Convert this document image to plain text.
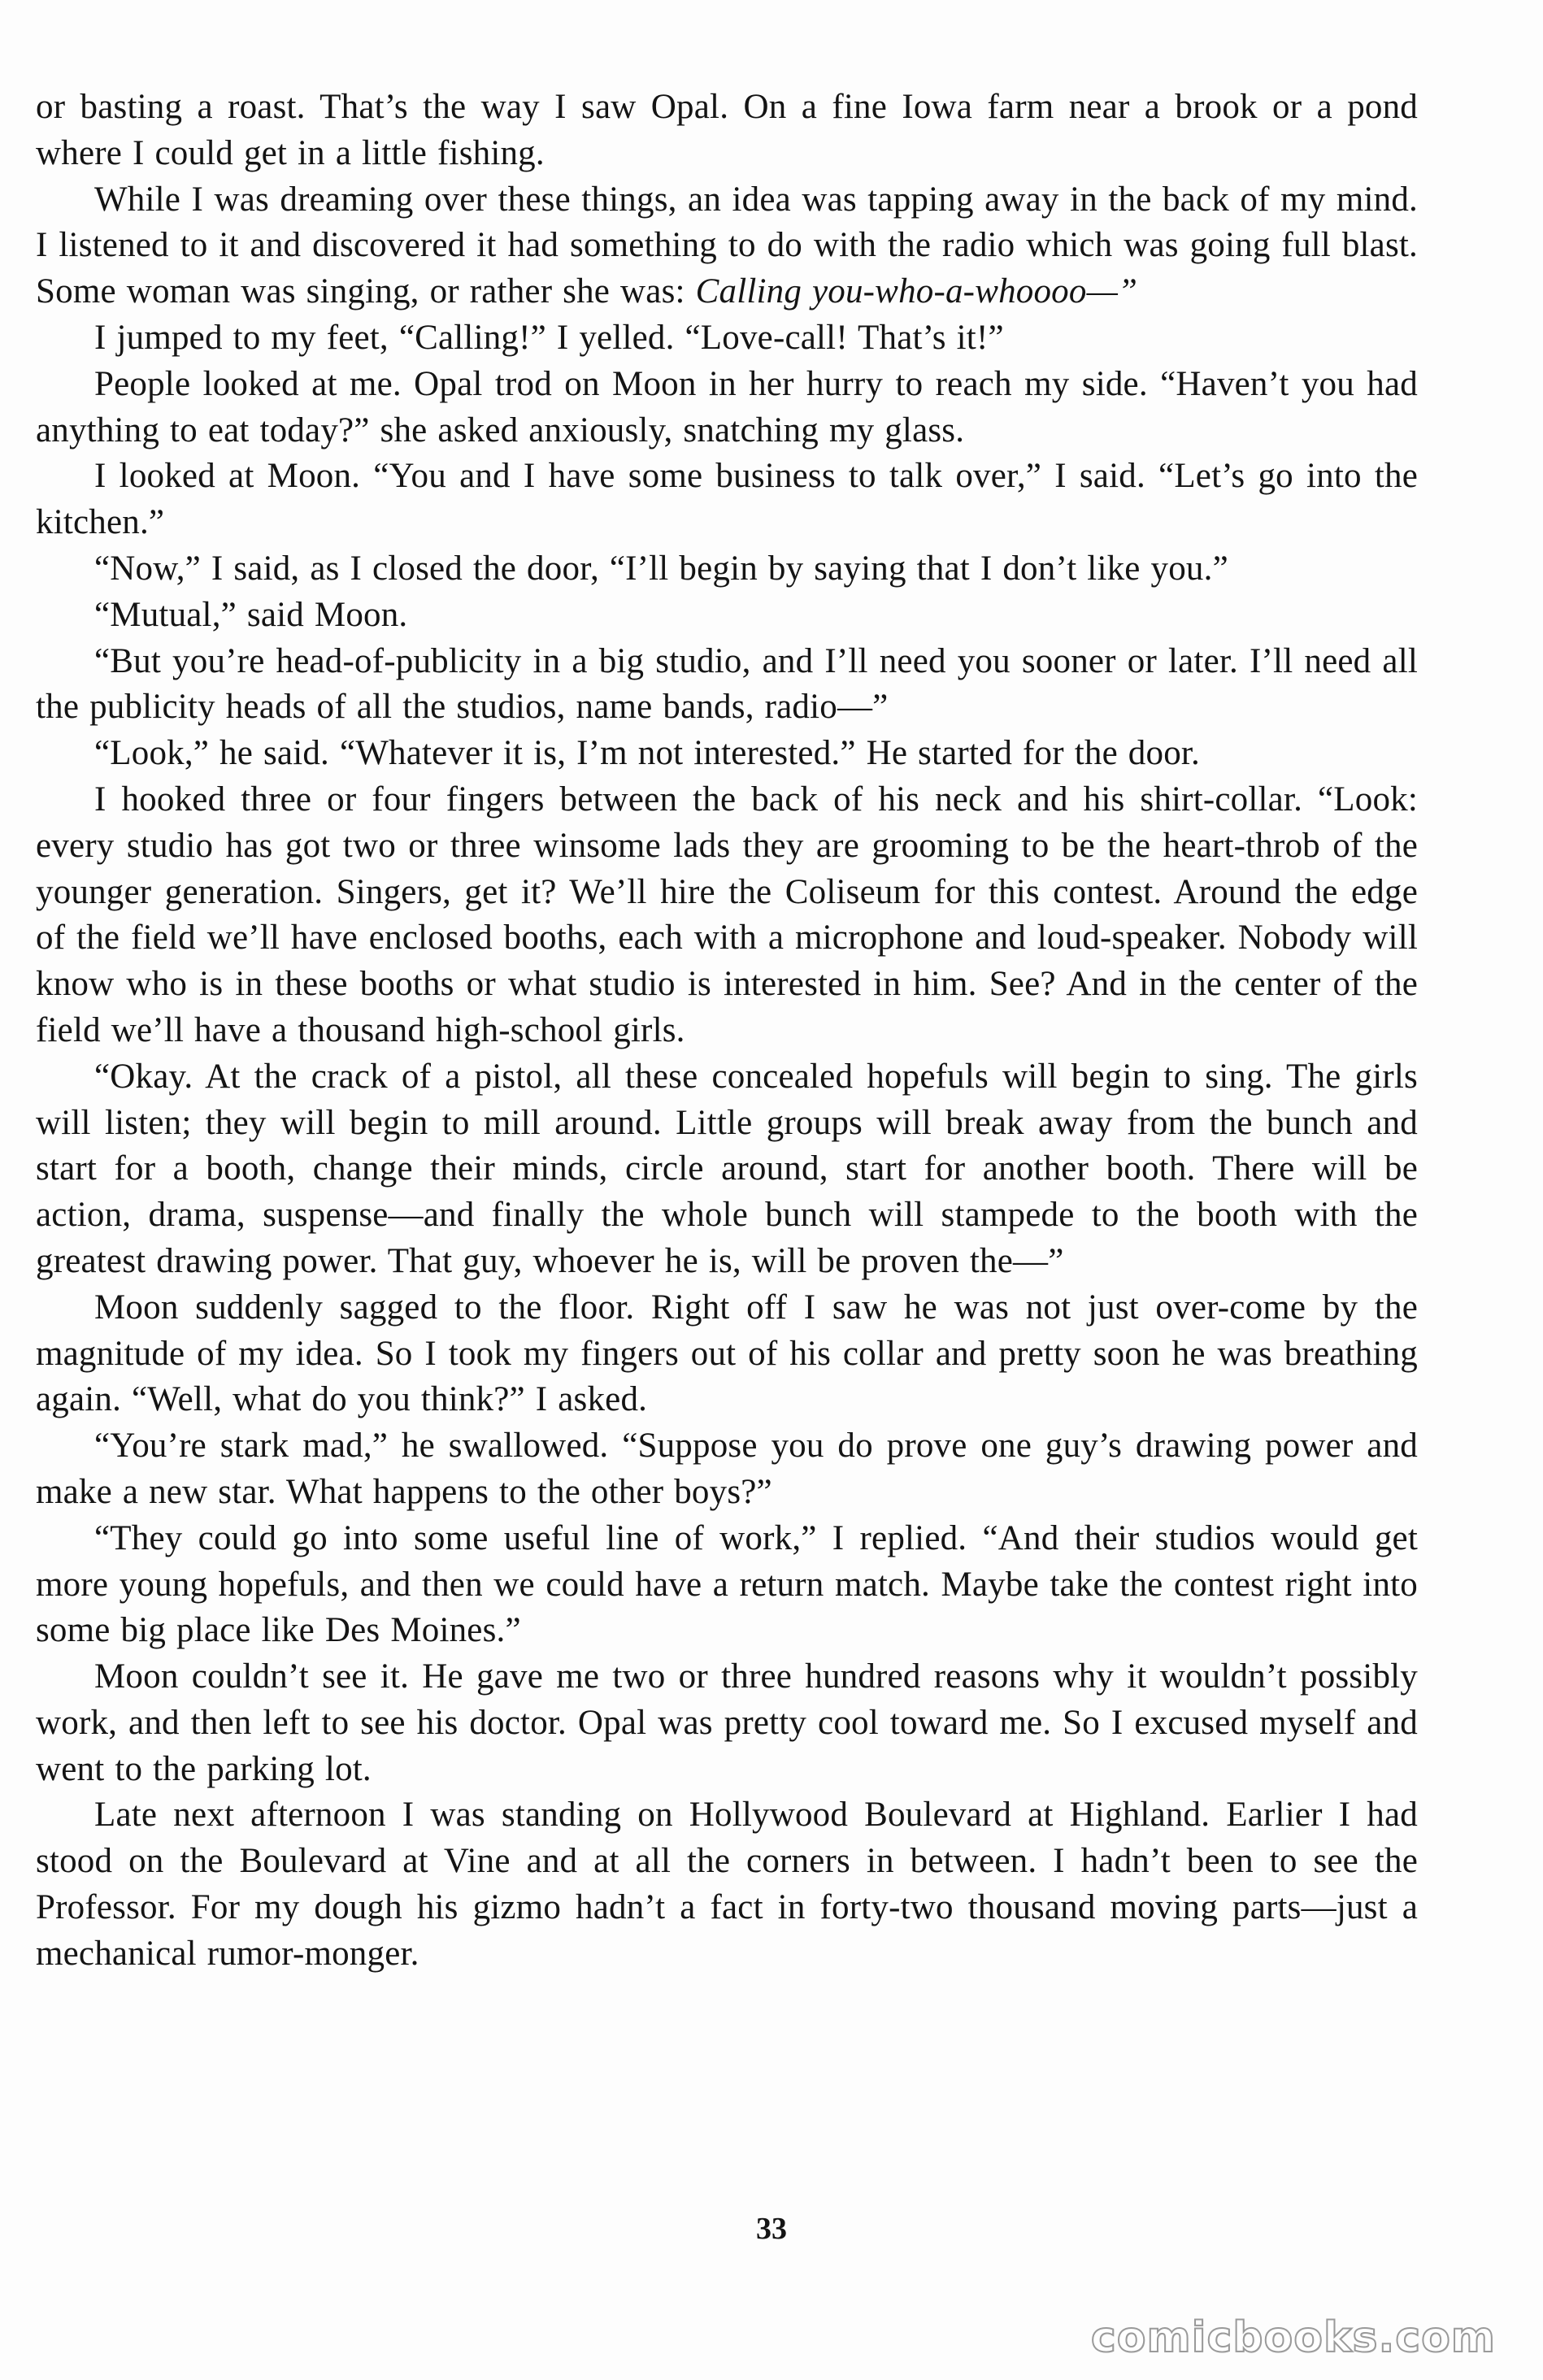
or basting a roast. That’s the way I saw Opal. On a fine Iowa farm near a brook or a pond where I could get in a little fishing.

While I was dreaming over these things, an idea was tapping away in the back of my mind. I listened to it and discovered it had something to do with the radio which was going full blast. Some woman was singing, or rather she was: Calling you-who-a-whoooo—”

I jumped to my feet, “Calling!” I yelled. “Love-call! That’s it!”

People looked at me. Opal trod on Moon in her hurry to reach my side. “Haven’t you had anything to eat today?” she asked anxiously, snatching my glass.

I looked at Moon. “You and I have some business to talk over,” I said. “Let’s go into the kitchen.”

“Now,” I said, as I closed the door, “I’ll begin by saying that I don’t like you.”

“Mutual,” said Moon.

“But you’re head-of-publicity in a big studio, and I’ll need you sooner or later. I’ll need all the publicity heads of all the studios, name bands, radio—”

“Look,” he said. “Whatever it is, I’m not interested.” He started for the door.

I hooked three or four fingers between the back of his neck and his shirt-collar. “Look: every studio has got two or three winsome lads they are grooming to be the heart-throb of the younger generation. Singers, get it? We’ll hire the Coliseum for this contest. Around the edge of the field we’ll have enclosed booths, each with a microphone and loud-speaker. Nobody will know who is in these booths or what studio is interested in him. See? And in the center of the field we’ll have a thousand high-school girls.

“Okay. At the crack of a pistol, all these concealed hopefuls will begin to sing. The girls will listen; they will begin to mill around. Little groups will break away from the bunch and start for a booth, change their minds, circle around, start for another booth. There will be action, drama, suspense—and finally the whole bunch will stampede to the booth with the greatest drawing power. That guy, whoever he is, will be proven the—”

Moon suddenly sagged to the floor. Right off I saw he was not just over-come by the magnitude of my idea. So I took my fingers out of his collar and pretty soon he was breathing again. “Well, what do you think?” I asked.

“You’re stark mad,” he swallowed. “Suppose you do prove one guy’s drawing power and make a new star. What happens to the other boys?”

“They could go into some useful line of work,” I replied. “And their studios would get more young hopefuls, and then we could have a return match. Maybe take the contest right into some big place like Des Moines.”

Moon couldn’t see it. He gave me two or three hundred reasons why it wouldn’t possibly work, and then left to see his doctor. Opal was pretty cool toward me. So I excused myself and went to the parking lot.

Late next afternoon I was standing on Hollywood Boulevard at Highland. Earlier I had stood on the Boulevard at Vine and at all the corners in between. I hadn’t been to see the Professor. For my dough his gizmo hadn’t a fact in forty-two thousand moving parts—just a mechanical rumor-monger.

33
comicbooks.com
